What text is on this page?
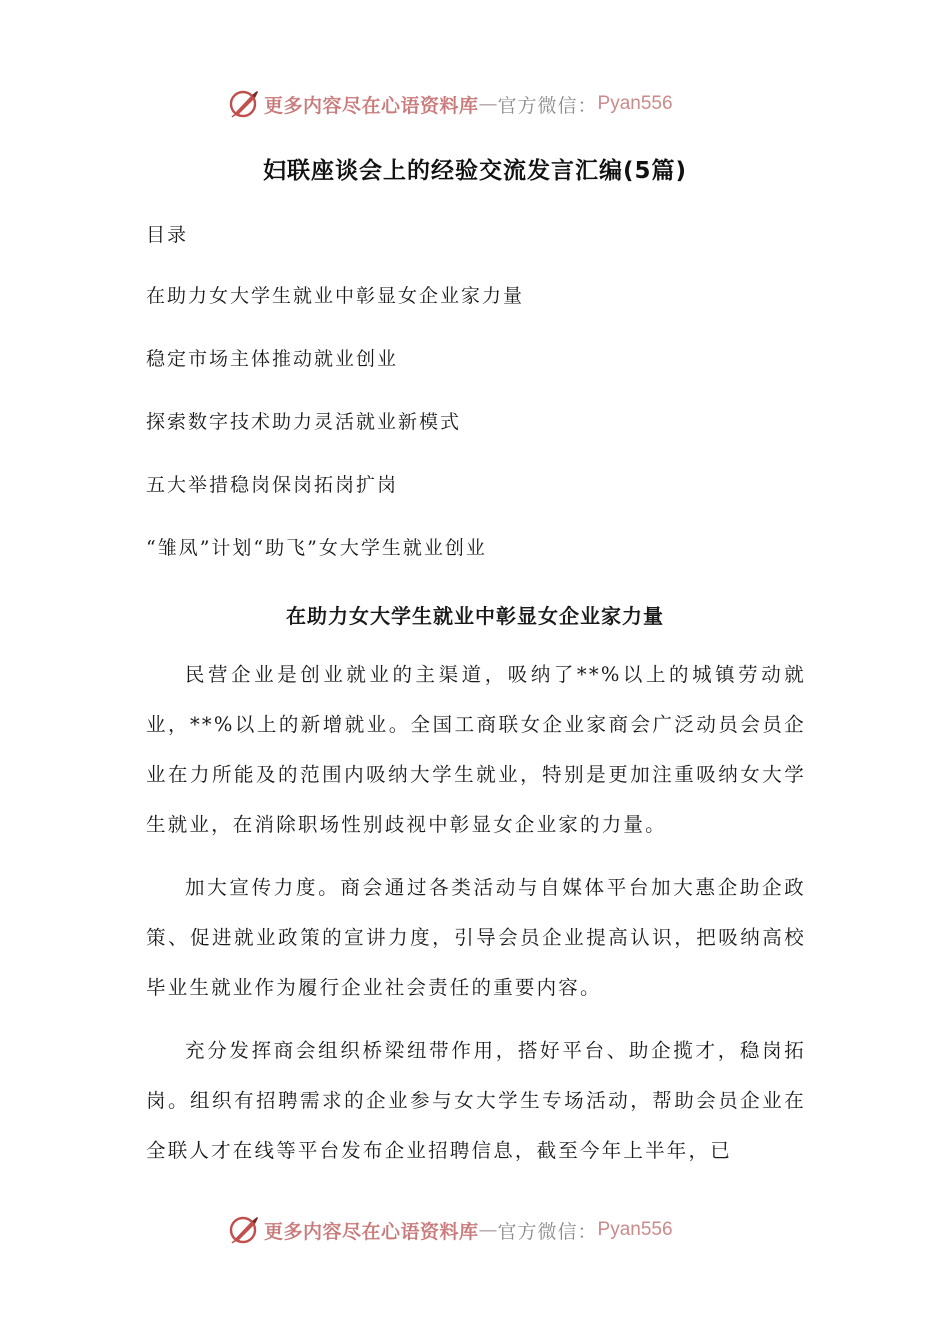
更多内容尽在心语资料库 — 官方微信： Pyan556
妇联座谈会上的经验交流发言汇编(5篇)
目录
在助力女大学生就业中彰显女企业家力量
稳定市场主体推动就业创业
探索数字技术助力灵活就业新模式
五大举措稳岗保岗拓岗扩岗
“雏凤”计划“助飞”女大学生就业创业
在助力女大学生就业中彰显女企业家力量

民营企业是创业就业的主渠道，吸纳了**%以上的城镇劳动就业，**%以上的新增就业。全国工商联女企业家商会广泛动员会员企业在力所能及的范围内吸纳大学生就业，特别是更加注重吸纳女大学生就业，在消除职场性别歧视中彰显女企业家的力量。

加大宣传力度。商会通过各类活动与自媒体平台加大惠企助企政策、促进就业政策的宣讲力度，引导会员企业提高认识，把吸纳高校毕业生就业作为履行企业社会责任的重要内容。

充分发挥商会组织桥梁纽带作用，搭好平台、助企揽才，稳岗拓岗。组织有招聘需求的企业参与女大学生专场活动，帮助会员企业在全联人才在线等平台发布企业招聘信息，截至今年上半年，已

更多内容尽在心语资料库 — 官方微信： Pyan556
